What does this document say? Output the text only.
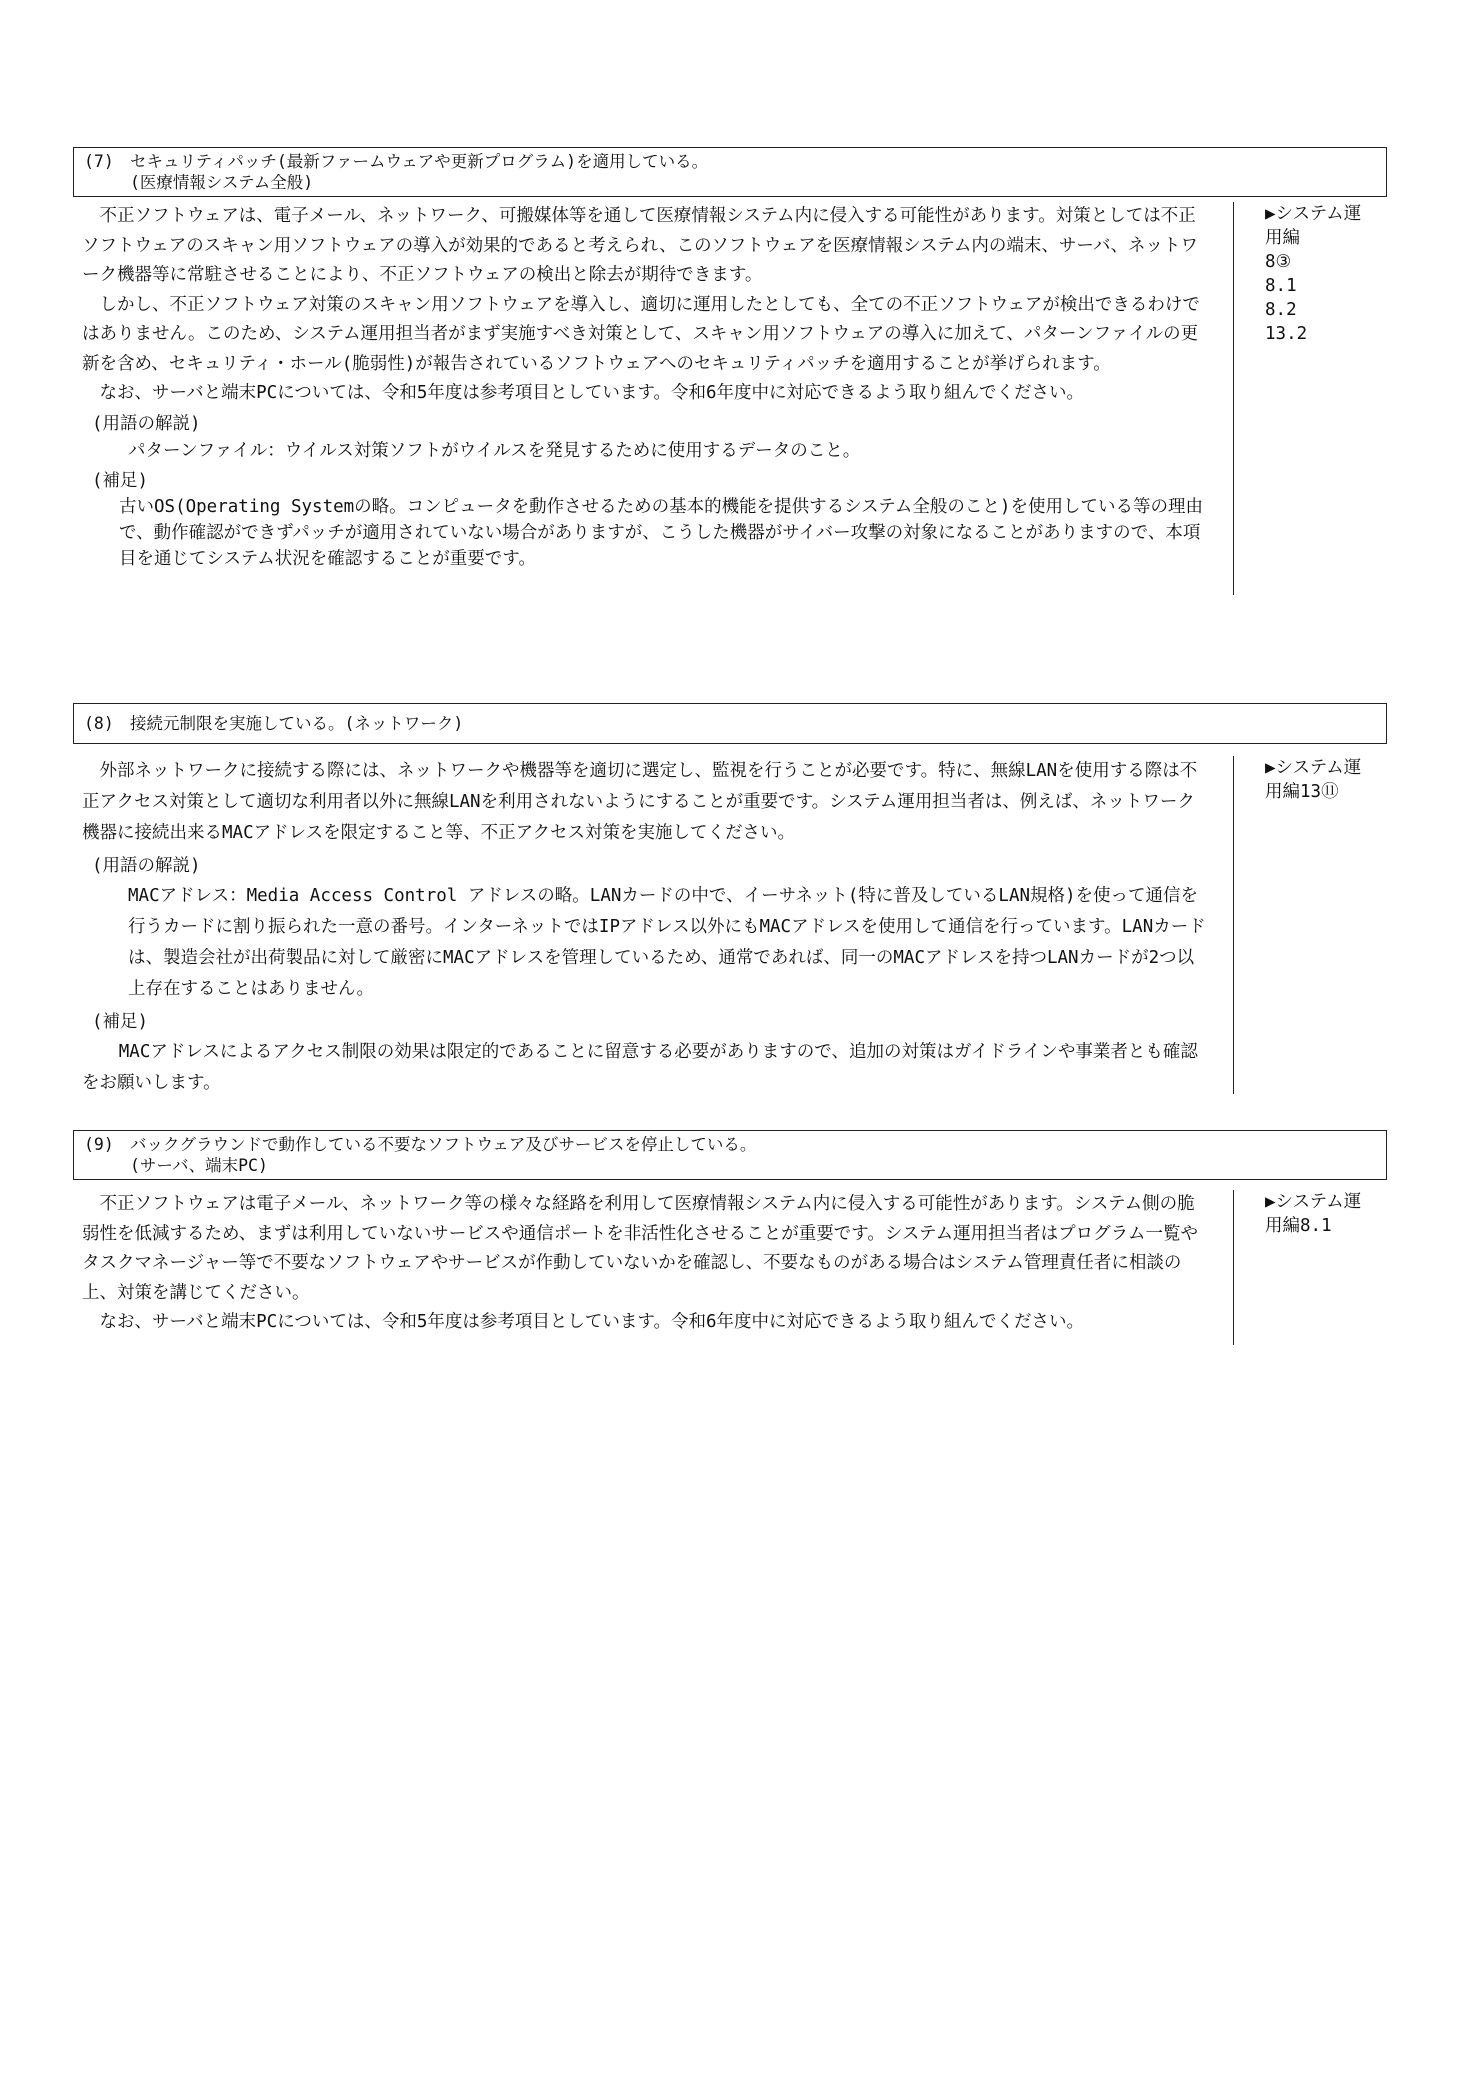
(7) セキュリティパッチ(最新ファームウェアや更新プログラム)を適用している。
(医療情報システム全般)

不正ソフトウェアは、電子メール、ネットワーク、可搬媒体等を通して医療情報システム内に侵入する可能性があります。対策としては不正ソフトウェアのスキャン用ソフトウェアの導入が効果的であると考えられ、このソフトウェアを医療情報システム内の端末、サーバ、ネットワーク機器等に常駐させることにより、不正ソフトウェアの検出と除去が期待できます。

しかし、不正ソフトウェア対策のスキャン用ソフトウェアを導入し、適切に運用したとしても、全ての不正ソフトウェアが検出できるわけではありません。このため、システム運用担当者がまず実施すべき対策として、スキャン用ソフトウェアの導入に加えて、パターンファイルの更新を含め、セキュリティ・ホール(脆弱性)が報告されているソフトウェアへのセキュリティパッチを適用することが挙げられます。

なお、サーバと端末PCについては、令和5年度は参考項目としています。令和6年度中に対応できるよう取り組んでください。

(用語の解説)
パターンファイル：ウイルス対策ソフトがウイルスを発見するために使用するデータのこと。
(補足)
古いOS(Operating Systemの略。コンピュータを動作させるための基本的機能を提供するシステム全般のこと)を使用している等の理由で、動作確認ができずパッチが適用されていない場合がありますが、こうした機器がサイバー攻撃の対象になることがありますので、本項目を通じてシステム状況を確認することが重要です。
▶システム運
用編
8③
8.1
8.2
13.2
(8) 接続元制限を実施している。(ネットワーク)

外部ネットワークに接続する際には、ネットワークや機器等を適切に選定し、監視を行うことが必要です。特に、無線LANを使用する際は不正アクセス対策として適切な利用者以外に無線LANを利用されないようにすることが重要です。システム運用担当者は、例えば、ネットワーク機器に接続出来るMACアドレスを限定すること等、不正アクセス対策を実施してください。

(用語の解説)
MACアドレス：Media Access Control アドレスの略。LANカードの中で、イーサネット(特に普及しているLAN規格)を使って通信を行うカードに割り振られた一意の番号。インターネットではIPアドレス以外にもMACアドレスを使用して通信を行っています。LANカードは、製造会社が出荷製品に対して厳密にMACアドレスを管理しているため、通常であれば、同一のMACアドレスを持つLANカードが2つ以上存在することはありません。
(補足)

MACアドレスによるアクセス制限の効果は限定的であることに留意する必要がありますので、追加の対策はガイドラインや事業者とも確認をお願いします。

▶システム運
用編13⑪
(9) バックグラウンドで動作している不要なソフトウェア及びサービスを停止している。
(サーバ、端末PC)

不正ソフトウェアは電子メール、ネットワーク等の様々な経路を利用して医療情報システム内に侵入する可能性があります。システム側の脆弱性を低減するため、まずは利用していないサービスや通信ポートを非活性化させることが重要です。システム運用担当者はプログラム一覧やタスクマネージャー等で不要なソフトウェアやサービスが作動していないかを確認し、不要なものがある場合はシステム管理責任者に相談の上、対策を講じてください。

なお、サーバと端末PCについては、令和5年度は参考項目としています。令和6年度中に対応できるよう取り組んでください。

▶システム運
用編8.1
